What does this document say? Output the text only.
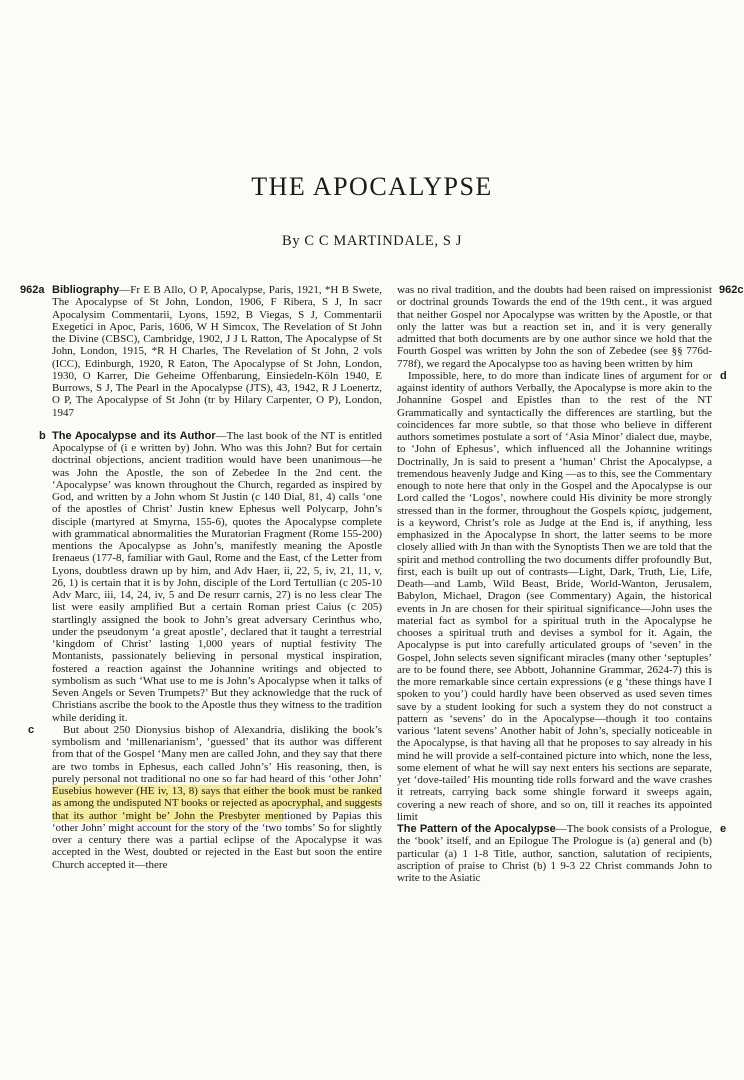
THE APOCALYPSE
By C C MARTINDALE, S J
962a Bibliography—Fr E B Allo, O P, Apocalypse, Paris, 1921, *H B Swete, The Apocalypse of St John, London, 1906, F Ribera, S J, In sacr Apocalysim Commentarii, Lyons, 1592, B Viegas, S J, Commentarii Exegetici in Apoc, Paris, 1606, W H Simcox, The Revelation of St John the Divine (CBSC), Cambridge, 1902, J J L Ratton, The Apocalypse of St John, London, 1915, *R H Charles, The Revelation of St John, 2 vols (ICC), Edinburgh, 1920, R Eaton, The Apocalypse of St John, London, 1930, O Karrer, Die Geheime Offenbarung, Einsiedeln-Köln 1940, E Burrows, S J, The Pearl in the Apocalypse (JTS), 43, 1942, R J Loenertz, O P, The Apocalypse of St John (tr by Hilary Carpenter, O P), London, 1947

b The Apocalypse and its Author—The last book of the NT is entitled Apocalypse of (i e written by) John. Who was this John? But for certain doctrinal objections, ancient tradition would have been unanimous—he was John the Apostle, the son of Zebedee In the 2nd cent. the ‘Apocalypse’ was known throughout the Church, regarded as inspired by God, and written by a John whom St Justin (c 140 Dial, 81, 4) calls ‘one of the apostles of Christ’ Justin knew Ephesus well Polycarp, John’s disciple (martyred at Smyrna, 155-6), quotes the Apocalypse complete with grammatical abnormalities the Muratorian Fragment (Rome 155-200) mentions the Apocalypse as John’s, manifestly meaning the Apostle Irenaeus (177-8, familiar with Gaul, Rome and the East, cf the Letter from Lyons, doubtless drawn up by him, and Adv Haer, ii, 22, 5, iv, 21, 11, v, 26, 1) is certain that it is by John, disciple of the Lord Tertullian (c 205-10 Adv Marc, iii, 14, 24, iv, 5 and De resurr carnis, 27) is no less clear The list were easily amplified But a certain Roman priest Caius (c 205) startlingly assigned the book to John’s great adversary Cerinthus who, under the pseudonym ‘a great apostle’, declared that it taught a terrestrial ‘kingdom of Christ’ lasting 1,000 years of nuptial festivity The Montanists, passionately believing in personal mystical inspiration, fostered a reaction against the Johannine writings and objected to symbolism as such ‘What use to me is John’s Apocalypse when it talks of Seven Angels or Seven Trumpets?’ But they acknowledge that the ruck of Christians ascribe the book to the Apostle thus they witness to the tradition while deriding it.

c	But about 250 Dionysius bishop of Alexandria, disliking the book’s symbolism and ‘millenarianism’, ‘guessed’ that its author was different from that of the Gospel ‘Many men are called John, and they say that there are two tombs in Ephesus, each called John’s’ His reasoning, then, is purely personal not traditional no one so far had heard of this ‘other John’ Eusebius however (HE iv, 13, 8) says that either the book must be ranked as among the undisputed NT books or rejected as apocryphal, and suggests that its author ‘might be’ John the Presbyter mentioned by Papias this ‘other John’ might account for the story of the ‘two tombs’ So for slightly over a century there was a partial eclipse of the Apocalypse it was accepted in the West, doubted or rejected in the East but soon the entire Church accepted it—there

962c

was no rival tradition, and the doubts had been raised on impressionist or doctrinal grounds Towards the end of the 19th cent., it was argued that neither Gospel nor Apocalypse was written by the Apostle, or that only the latter was but a reaction set in, and it is very generally admitted that both documents are by one author since we hold that the Fourth Gospel was written by John the son of Zebedee (see §§ 776d-778f), we regard the Apocalypse too as having been written by him

d
Impossible, here, to do more than indicate lines of argument for or against identity of authors Verbally, the Apocalypse is more akin to the Johannine Gospel and Epistles than to the rest of the NT Grammatically and syntactically the differences are startling, but the coincidences far more subtle, so that those who believe in different authors sometimes postulate a sort of ‘Asia Minor’ dialect due, maybe, to ‘John of Ephesus’, which influenced all the Johannine writings Doctrinally, Jn is said to present a ‘human’ Christ the Apocalypse, a tremendous heavenly Judge and King —as to this, see the Commentary enough to note here that only in the Gospel and the Apocalypse is our Lord called the ‘Logos’, nowhere could His divinity be more strongly stressed than in the former, throughout the Gospels κρίσις, judgement, is a keyword, Christ’s role as Judge at the End is, if anything, less emphasized in the Apocalypse In short, the latter seems to be more closely allied with Jn than with the Synoptists Then we are told that the spirit and method controlling the two documents differ profoundly But, first, each is built up out of contrasts—Light, Dark, Truth, Lie, Life, Death—and Lamb, Wild Beast, Bride, World-Wanton, Jerusalem, Babylon, Michael, Dragon (see Commentary) Again, the historical events in Jn are chosen for their spiritual significance—John uses the material fact as symbol for a spiritual truth in the Apocalypse he chooses a spiritual truth and devises a symbol for it. Again, the Apocalypse is put into carefully articulated groups of ‘seven’ in the Gospel, John selects seven significant miracles (many other ‘septuples’ are to be found there, see Abbott, Johannine Grammar, 2624-7) this is the more remarkable since certain expressions (e g ‘these things have I spoken to you’) could hardly have been observed as used seven times save by a student looking for such a system they do not construct a pattern as ‘sevens’ do in the Apocalypse—though it too contains various ‘latent sevens’ Another habit of John’s, specially noticeable in the Apocalypse, is that having all that he proposes to say already in his mind he will provide a self-contained picture into which, none the less, some element of what he will say next enters his sections are separate, yet ‘dove-tailed’ His mounting tide rolls forward and the wave crashes it retreats, carrying back some shingle forward it sweeps again, covering a new reach of shore, and so on, till it reaches its appointed limit

e
The Pattern of the Apocalypse—The book consists of a Prologue, the ‘book’ itself, and an Epilogue The Prologue is (a) general and (b) particular (a) 1 1-8 Title, author, sanction, salutation of recipients, ascription of praise to Christ (b) 1 9-3 22 Christ commands John to write to the Asiatic
